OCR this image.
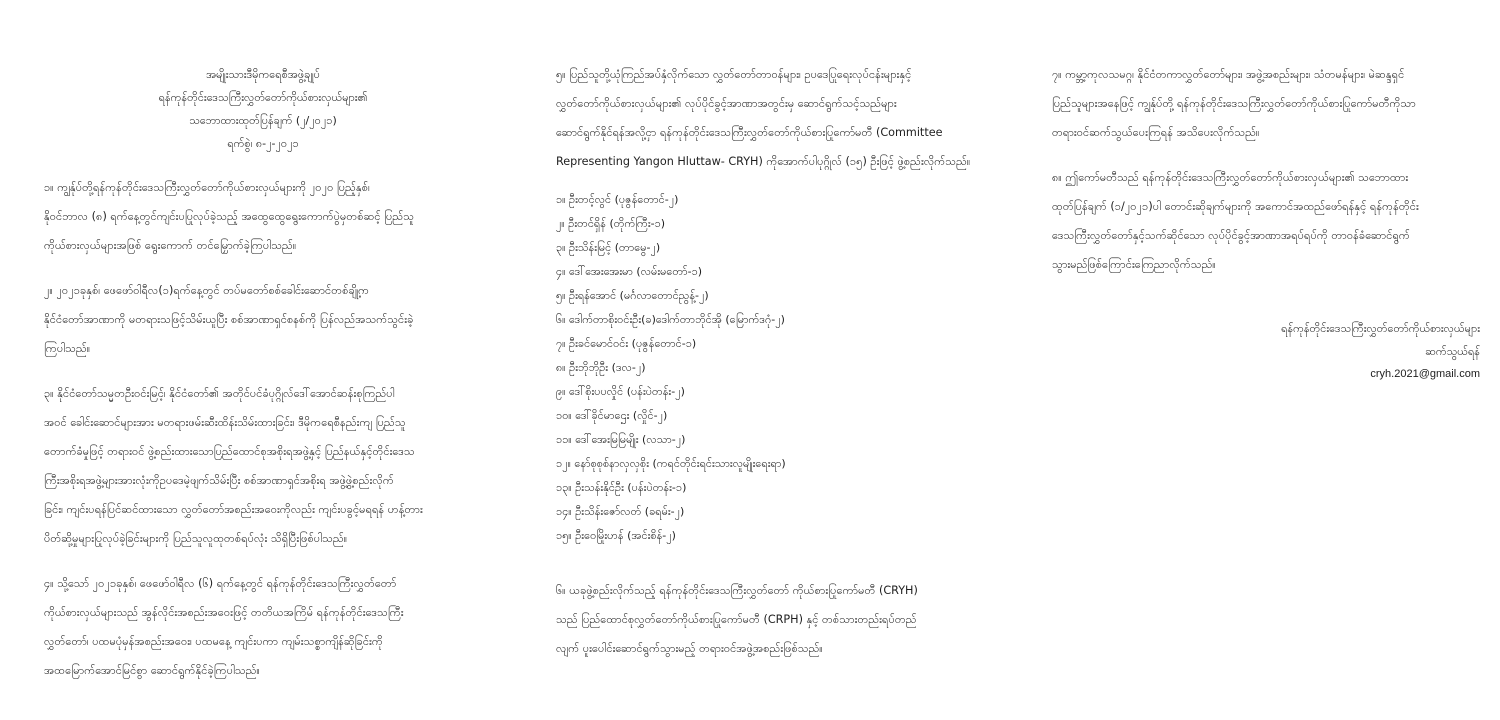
အမျိုးသားဒီမိုကရေစီအဖွဲ့ချုပ်
ရန်ကုန်တိုင်းဒေသကြီးလွှတ်တော်ကိုယ်စားလှယ်များ၏
သဘောထားထုတ်ပြန်ချက် (၂/၂၀၂၁)
ရက်စွဲ၊ ၈-၂-၂၀၂၁

၁။ ကျွန်ုပ်တို့ရန်ကုန်တိုင်းဒေသကြီးလွှတ်တော်ကိုယ်စားလှယ်များကို ၂၀၂၀ ပြည့်နှစ်၊
နိုဝင်ဘာလ (၈) ရက်နေ့တွင်ကျင်းပပြုလုပ်ခဲ့သည့် အထွေထွေရွေးကောက်ပွဲမှတစ်ဆင့် ပြည်သူ
ကိုယ်စားလှယ်များအဖြစ် ရွေးကောက် တင်မြှောက်ခဲ့ကြပါသည်။

၂။ ၂၀၂၁ခုနှစ်၊ ဖေဖော်ဝါရီလ(၁)ရက်နေ့တွင် တပ်မတော်စစ်ခေါင်းဆောင်တစ်ချို့က
နိုင်ငံတော်အာဏာကို မတရားသဖြင့်သိမ်းယူပြီး စစ်အာဏာရှင်စနစ်ကို ပြန်လည်အသက်သွင်းခဲ့
ကြပါသည်။

၃။ နိုင်ငံတော်သမ္မတဦးဝင်းမြင့်၊ နိုင်ငံတော်၏ အတိုင်ပင်ခံပုဂ္ဂိုလ်ဒေါ်အောင်ဆန်းစုကြည်ပါ
အဝင် ခေါင်းဆောင်များအား မတရားဖမ်းဆီးထိန်းသိမ်းထားခြင်း၊ ဒီမိုကရေစီနည်းကျ ပြည်သူ
တောက်ခံမှုဖြင့် တရားဝင် ဖွဲ့စည်းထားသောပြည်ထောင်စုအစိုးရအဖွဲ့နှင့် ပြည်နယ်နှင့်တိုင်းဒေသ
ကြီးအစိုးရအဖွဲ့များအားလုံးကိုဥပဒေမဲ့ဖျက်သိမ်းပြီး စစ်အာဏာရှင်အစိုးရ အဖွဲ့ဖွဲ့စည်းလိုက်
ခြင်း၊ ကျင်းပရန်ပြင်ဆင်ထားသော လွှတ်တော်အစည်းအဝေးကိုလည်း ကျင်းပခွင့်မရရန် ဟန့်တား
ပိတ်ဆို့မှုများပြုလုပ်ခဲ့ခြင်းများကို ပြည်သူလူထုတစ်ရပ်လုံး သိရှိပြီးဖြစ်ပါသည်။

၄။ သို့သော် ၂၀၂၁ခုနှစ်၊ ဖေဖော်ဝါရီလ (၆) ရက်နေ့တွင် ရန်ကုန်တိုင်းဒေသကြီးလွှတ်တော်
ကိုယ်စားလှယ်များသည် အွန်လိုင်းအစည်းအဝေးဖြင့် တတိယအကြိမ် ရန်ကုန်တိုင်းဒေသကြီး
လွှတ်တော်၊ ပထမပုံမှန်အစည်းအဝေး၊ ပထမနေ့ ကျင်းပကာ ကျမ်းသစ္စာကျိန်ဆိုခြင်းကို
အထမြောက်အောင်မြင်စွာ ဆောင်ရွက်နိုင်ခဲ့ကြပါသည်။

၅။ ပြည်သူတို့ယုံကြည်အပ်နှံလိုက်သော လွှတ်တော်တာဝန်များ၊ ဥပဒေပြုရေးလုပ်ငန်းများနှင့်
လွှတ်တော်ကိုယ်စားလှယ်များ၏ လုပ်ပိုင်ခွင့်အာဏာအတွင်းမှ ဆောင်ရွက်သင့်သည်များ
ဆောင်ရွက်နိုင်ရန်အလို့ငှာ ရန်ကုန်တိုင်းဒေသကြီးလွှတ်တော်ကိုယ်စားပြုကော်မတီ (Committee
Representing Yangon Hluttaw- CRYH) ကိုအောက်ပါပုဂ္ဂိုလ် (၁၅) ဦးဖြင့် ဖွဲ့စည်းလိုက်သည်။

၁။ ဦးတင့်လွင် (ပုဇွန်တောင်-၂)
၂။ ဦးတင်ရှိန် (တိုက်ကြီး-၁)
၃။ ဦးသိန်းမြင့် (တာမွေ-၂)
၄။ ဒေါ်အေးအေးမာ (လမ်းမတော်-၁)
၅။ ဦးရန်အောင် (မင်္ဂလာတောင်ညွန့်-၂)
၆။ ဒေါက်တာစိုးဝင်းဦး(ခ)ဒေါက်တာဘိုင်အို (မြောက်ဒဂုံ-၂)
၇။ ဦးခင်မောင်ဝင်း (ပုဇွန်တောင်-၁)
၈။ ဦးဘိုဘိုဦး (ဒလ-၂)
၉။ ဒေါ်စိုးပပလှိုင် (ပန်းပဲတန်း-၂)
၁၀။ ဒေါ်ခိုင်မာဌေး (လှိုင်-၂)
၁၁။ ဒေါ်အေးမြမြမျိုး (လသာ-၂)
၁၂။ နော်စုစုစ်နာလှလှစိုး (ကရင်တိုင်းရင်းသားလူမျိုးရေးရာ)
၁၃။ ဦးသန်းနိုင်ဦး (ပန်းပဲတန်း-၁)
၁၄။ ဦးသိန်းဇော်လတ် (ခရမ်း-၂)
၁၅။ ဦးဝေမြိုးဟန် (အင်းစိန်-၂)

၆။ ယခုဖွဲ့စည်းလိုက်သည့် ရန်ကုန်တိုင်းဒေသကြီးလွှတ်တော် ကိုယ်စားပြုကော်မတီ (CRYH)
သည် ပြည်ထောင်စုလွှတ်တော်ကိုယ်စားပြုကော်မတီ (CRPH) နှင့် တစ်သားတည်းရပ်တည်
လျက် ပူးပေါင်းဆောင်ရွက်သွားမည့် တရားဝင်အဖွဲ့အစည်းဖြစ်သည်။

၇။ ကမ္ဘာ့ကုလသမဂ္ဂ၊ နိုင်ငံတကာလွှတ်တော်များ၊ အဖွဲ့အစည်းများ၊ သံတမန်များ၊ မဲဆန္ဒရှင်
ပြည်သူများအနေဖြင့် ကျွန်ုပ်တို့ ရန်ကုန်တိုင်းဒေသကြီးလွှတ်တော်ကိုယ်စားပြုကော်မတီကိုသာ
တရားဝင်ဆက်သွယ်ပေးကြရန် အသိပေးလိုက်သည်။

၈။ ဤကော်မတီသည် ရန်ကုန်တိုင်းဒေသကြီးလွှတ်တော်ကိုယ်စားလှယ်များ၏ သဘောထား
ထုတ်ပြန်ချက် (၁/၂၀၂၁)ပါ တောင်းဆိုချက်များကို အကောင်အထည်ဖော်ရန်နှင့် ရန်ကုန်တိုင်း
ဒေသကြီးလွှတ်တော်နှင့်သက်ဆိုင်သော လုပ်ပိုင်ခွင့်အာဏာအရပ်ရပ်ကို တာဝန်ခံဆောင်ရွက်
သွားမည်ဖြစ်ကြောင်းကြေညာလိုက်သည်။

ရန်ကုန်တိုင်းဒေသကြီးလွှတ်တော်ကိုယ်စားလှယ်များ
ဆက်သွယ်ရန်
cryh.2021@gmail.com
